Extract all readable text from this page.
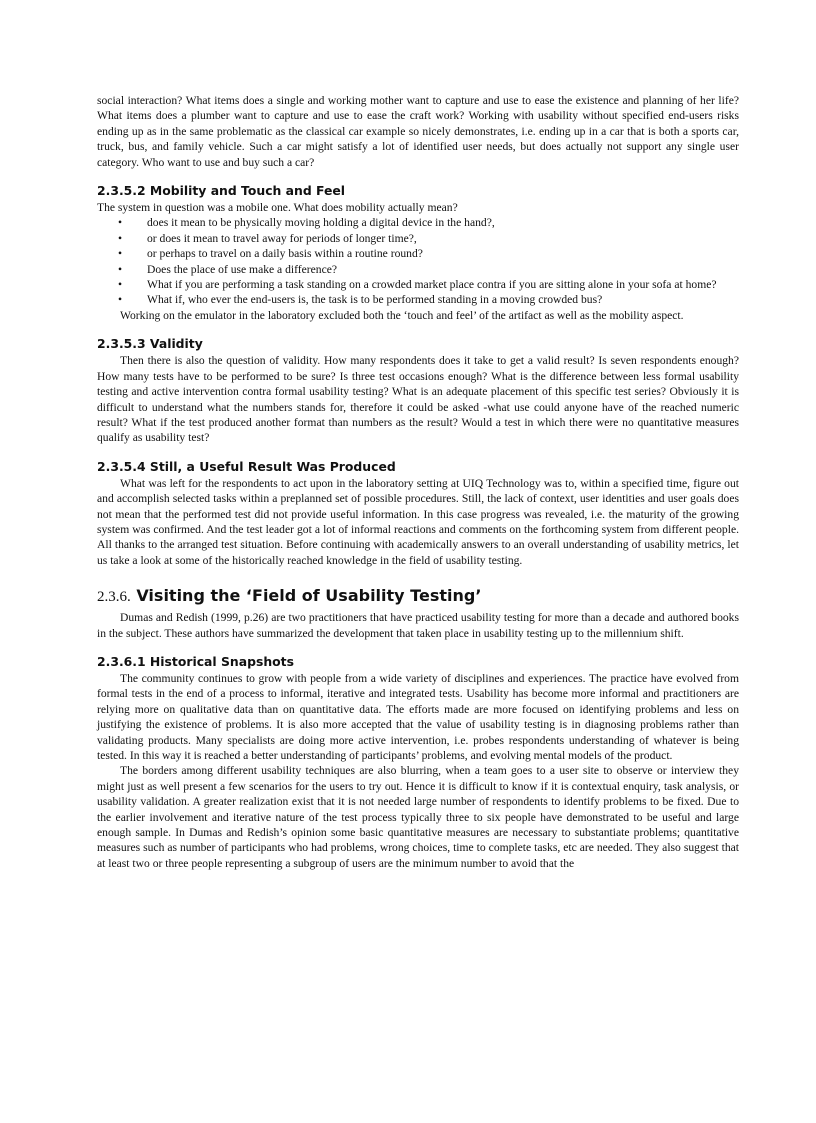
social interaction? What items does a single and working mother want to capture and use to ease the existence and planning of her life? What items does a plumber want to capture and use to ease the craft work? Working with usability without specified end-users risks ending up as in the same problematic as the classical car example so nicely demonstrates, i.e. ending up in a car that is both a sports car, truck, bus, and family vehicle. Such a car might satisfy a lot of identified user needs, but does actually not support any single user category. Who want to use and buy such a car?

2.3.5.2 Mobility and Touch and Feel

The system in question was a mobile one. What does mobility actually mean?

• does it mean to be physically moving holding a digital device in the hand?,
• or does it mean to travel away for periods of longer time?,
• or perhaps to travel on a daily basis within a routine round?
• Does the place of use make a difference?
• What if you are performing a task standing on a crowded market place contra if you are sitting alone in your sofa at home?
• What if, who ever the end-users is, the task is to be performed standing in a moving crowded bus?

Working on the emulator in the laboratory excluded both the ‘touch and feel’ of the artifact as well as the mobility aspect.

2.3.5.3 Validity

Then there is also the question of validity. How many respondents does it take to get a valid result? Is seven respondents enough? How many tests have to be performed to be sure? Is three test occasions enough? What is the difference between less formal usability testing and active intervention contra formal usability testing? What is an adequate placement of this specific test series? Obviously it is difficult to understand what the numbers stands for, therefore it could be asked -what use could anyone have of the reached numeric result? What if the test produced another format than numbers as the result? Would a test in which there were no quantitative measures qualify as usability test?

2.3.5.4 Still, a Useful Result Was Produced

What was left for the respondents to act upon in the laboratory setting at UIQ Technology was to, within a specified time, figure out and accomplish selected tasks within a preplanned set of possible procedures. Still, the lack of context, user identities and user goals does not mean that the performed test did not provide useful information. In this case progress was revealed, i.e. the maturity of the growing system was confirmed. And the test leader got a lot of informal reactions and comments on the forthcoming system from different people. All thanks to the arranged test situation. Before continuing with academically answers to an overall understanding of usability metrics, let us take a look at some of the historically reached knowledge in the field of usability testing.

2.3.6. Visiting the ‘Field of Usability Testing’

Dumas and Redish (1999, p.26) are two practitioners that have practiced usability testing for more than a decade and authored books in the subject. These authors have summarized the development that taken place in usability testing up to the millennium shift.

2.3.6.1 Historical Snapshots

The community continues to grow with people from a wide variety of disciplines and experiences. The practice have evolved from formal tests in the end of a process to informal, iterative and integrated tests. Usability has become more informal and practitioners are relying more on qualitative data than on quantitative data. The efforts made are more focused on identifying problems and less on justifying the existence of problems. It is also more accepted that the value of usability testing is in diagnosing problems rather than validating products. Many specialists are doing more active intervention, i.e. probes respondents understanding of whatever is being tested. In this way it is reached a better understanding of participants’ problems, and evolving mental models of the product.

The borders among different usability techniques are also blurring, when a team goes to a user site to observe or interview they might just as well present a few scenarios for the users to try out. Hence it is difficult to know if it is contextual enquiry, task analysis, or usability validation. A greater realization exist that it is not needed large number of respondents to identify problems to be fixed. Due to the earlier involvement and iterative nature of the test process typically three to six people have demonstrated to be useful and large enough sample. In Dumas and Redish’s opinion some basic quantitative measures are necessary to substantiate problems; quantitative measures such as number of participants who had problems, wrong choices, time to complete tasks, etc are needed. They also suggest that at least two or three people representing a subgroup of users are the minimum number to avoid that the
